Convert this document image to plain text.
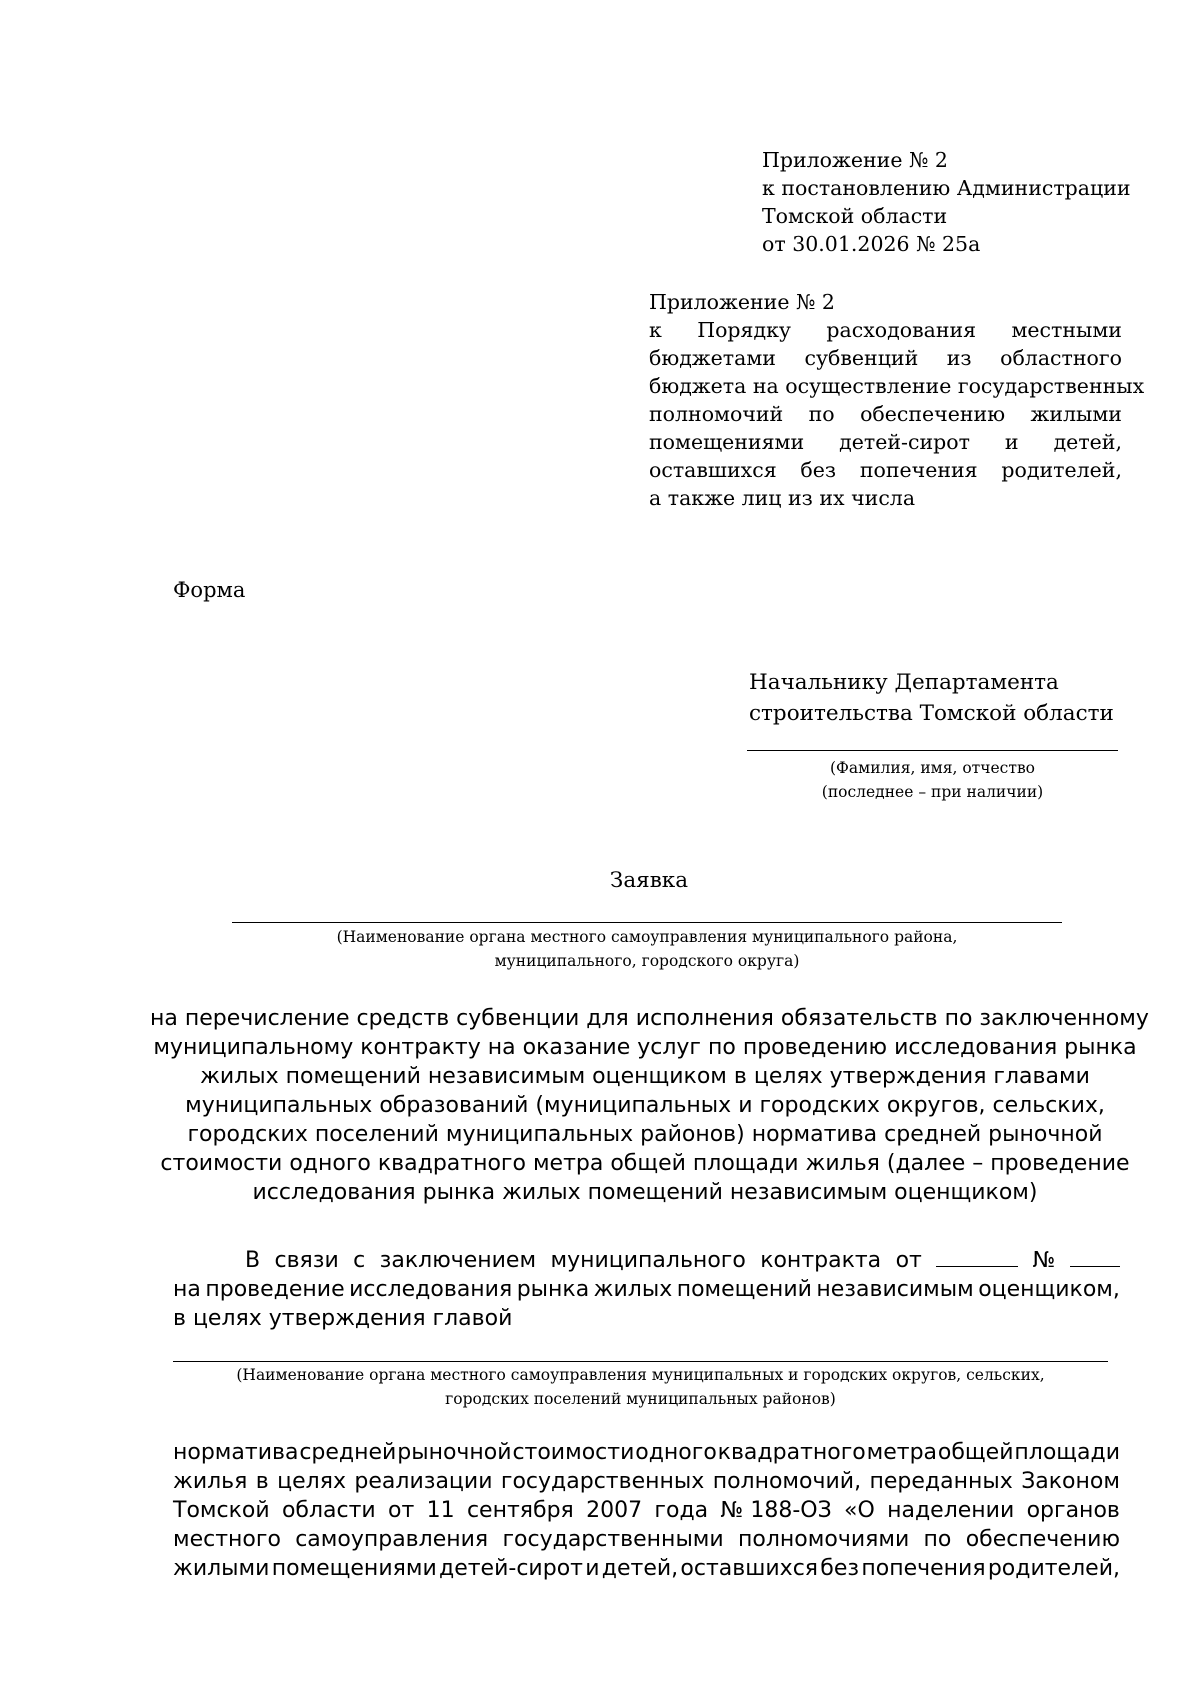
Приложение № 2
к постановлению Администрации
Томской области
от 30.01.2026 № 25а
Приложение № 2
к Порядку расходования местными
бюджетами субвенций из областного
бюджета на осуществление государственных
полномочий по обеспечению жилыми
помещениями детей-сирот и детей,
оставшихся без попечения родителей,
а также лиц из их числа
Форма
Начальнику Департамента
строительства Томской области
(Фамилия, имя, отчество
(последнее – при наличии)
Заявка
(Наименование органа местного самоуправления муниципального района,
муниципального, городского округа)
на перечисление средств субвенции для исполнения обязательств по заключенному
муниципальному контракту на оказание услуг по проведению исследования рынка
жилых помещений независимым оценщиком в целях утверждения главами
муниципальных образований (муниципальных и городских округов, сельских,
городских поселений муниципальных районов) норматива средней рыночной
стоимости одного квадратного метра общей площади жилья (далее – проведение
исследования рынка жилых помещений независимым оценщиком)
В связи с заключением муниципального контракта от	№
на проведение исследования рынка жилых помещений независимым оценщиком,
в целях утверждения главой
(Наименование органа местного самоуправления муниципальных и городских округов, сельских,
городских поселений муниципальных районов)
норматива средней рыночной стоимости одного квадратного метра общей площади
жилья в целях реализации государственных полномочий, переданных Законом
Томской области от 11 сентября 2007 года № 188-ОЗ «О наделении органов
местного самоуправления государственными полномочиями по обеспечению
жилыми помещениями детей-сирот и детей, оставшихся без попечения родителей,
